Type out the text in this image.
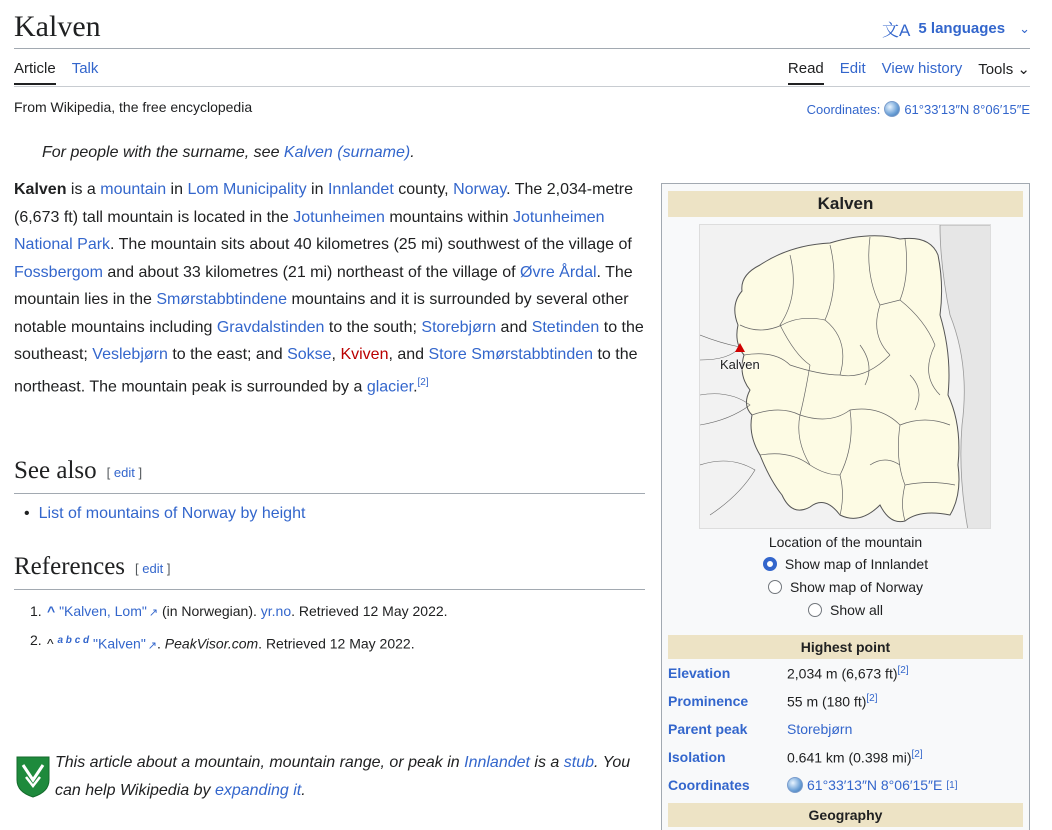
Kalven	文A 5 languages ⌄
Article Talk	Read Edit View history Tools ⌄
From Wikipedia, the free encyclopedia	Coordinates: 61°33′13″N 8°06′15″E
For people with the surname, see Kalven (surname).

Kalven is a mountain in Lom Municipality in Innlandet county, Norway. The 2,034-metre (6,673 ft) tall mountain is located in the Jotunheimen mountains within Jotunheimen National Park. The mountain sits about 40 kilometres (25 mi) southwest of the village of Fossbergom and about 33 kilometres (21 mi) northeast of the village of Øvre Årdal. The mountain lies in the Smørstabbtindene mountains and it is surrounded by several other notable mountains including Gravdalstinden to the south; Storebjørn and Stetinden to the southeast; Veslebjørn to the east; and Sokse, Kviven, and Store Smørstabbtinden to the northeast. The mountain peak is surrounded by a glacier.[2]

See also [ edit ]
• List of mountains of Norway by height
References [ edit ]
1. ^ "Kalven, Lom" ↗ (in Norwegian). yr.no. Retrieved 12 May 2022.
2. ^ $^{a b c d}$ "Kalven" ↗. PeakVisor.com. Retrieved 12 May 2022.

This article about a mountain, mountain range, or peak in Innlandet is a stub. You can help Wikipedia by expanding it.

Kalven
Kalven
Location of the mountain
Show map of Innlandet
Show map of Norway
Show all
Highest point
Elevation	2,034 m (6,673 ft)[2]
Prominence	55 m (180 ft)[2]
Parent peak	Storebjørn
Isolation	0.641 km (0.398 mi)[2]
Coordinates	61°33′13″N 8°06′15″E [1]
Geography
